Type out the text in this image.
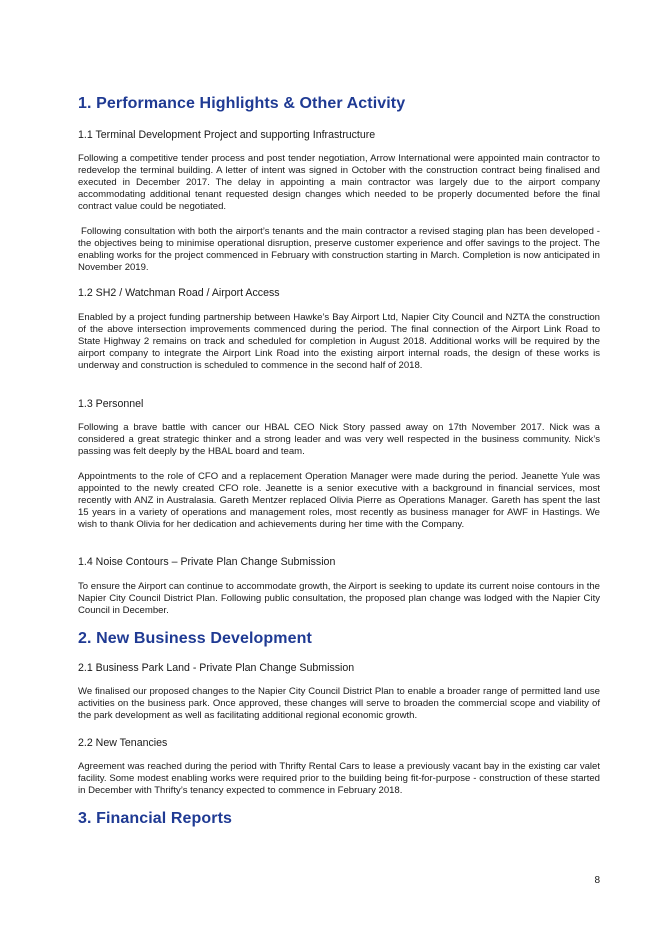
1. Performance Highlights & Other Activity
1.1 Terminal Development Project and supporting Infrastructure

Following a competitive tender process and post tender negotiation, Arrow International were appointed main contractor to redevelop the terminal building. A letter of intent was signed in October with the construction contract being finalised and executed in December 2017. The delay in appointing a main contractor was largely due to the airport company accommodating additional tenant requested design changes which needed to be properly documented before the final contract value could be negotiated.

Following consultation with both the airport’s tenants and the main contractor a revised staging plan has been developed - the objectives being to minimise operational disruption, preserve customer experience and offer savings to the project. The enabling works for the project commenced in February with construction starting in March. Completion is now anticipated in November 2019.

1.2 SH2 / Watchman Road / Airport Access

Enabled by a project funding partnership between Hawke’s Bay Airport Ltd, Napier City Council and NZTA the construction of the above intersection improvements commenced during the period. The final connection of the Airport Link Road to State Highway 2 remains on track and scheduled for completion in August 2018. Additional works will be required by the airport company to integrate the Airport Link Road into the existing airport internal roads, the design of these works is underway and construction is scheduled to commence in the second half of 2018.

1.3 Personnel

Following a brave battle with cancer our HBAL CEO Nick Story passed away on 17th November 2017. Nick was a considered a great strategic thinker and a strong leader and was very well respected in the business community. Nick’s passing was felt deeply by the HBAL board and team.

Appointments to the role of CFO and a replacement Operation Manager were made during the period. Jeanette Yule was appointed to the newly created CFO role. Jeanette is a senior executive with a background in financial services, most recently with ANZ in Australasia. Gareth Mentzer replaced Olivia Pierre as Operations Manager. Gareth has spent the last 15 years in a variety of operations and management roles, most recently as business manager for AWF in Hastings. We wish to thank Olivia for her dedication and achievements during her time with the Company.

1.4 Noise Contours – Private Plan Change Submission

To ensure the Airport can continue to accommodate growth, the Airport is seeking to update its current noise contours in the Napier City Council District Plan. Following public consultation, the proposed plan change was lodged with the Napier City Council in December.

2. New Business Development
2.1 Business Park Land - Private Plan Change Submission

We finalised our proposed changes to the Napier City Council District Plan to enable a broader range of permitted land use activities on the business park. Once approved, these changes will serve to broaden the commercial scope and viability of the park development as well as facilitating additional regional economic growth.

2.2 New Tenancies

Agreement was reached during the period with Thrifty Rental Cars to lease a previously vacant bay in the existing car valet facility. Some modest enabling works were required prior to the building being fit-for-purpose - construction of these started in December with Thrifty’s tenancy expected to commence in February 2018.

3. Financial Reports
8
